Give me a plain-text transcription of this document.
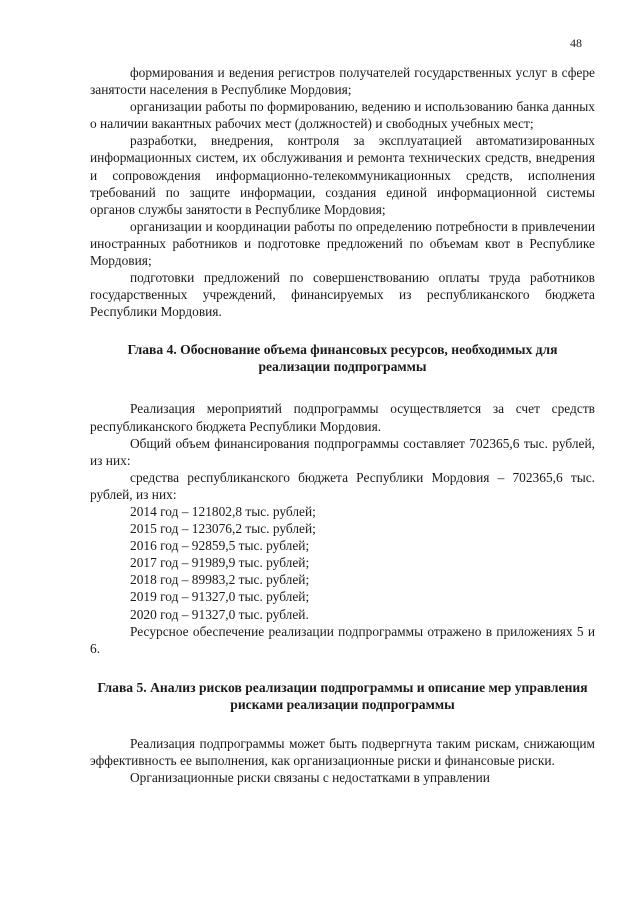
48

формирования и ведения регистров получателей государственных услуг в сфере занятости населения в Республике Мордовия;

организации работы по формированию, ведению и использованию банка данных о наличии вакантных рабочих мест (должностей) и свободных учебных мест;

разработки, внедрения, контроля за эксплуатацией автоматизированных информационных систем, их обслуживания и ремонта технических средств, внедрения и сопровождения информационно-телекоммуникационных средств, исполнения требований по защите информации, создания единой информационной системы органов службы занятости в Республике Мордовия;

организации и координации работы по определению потребности в привлечении иностранных работников и подготовке предложений по объемам квот в Республике Мордовия;

подготовки предложений по совершенствованию оплаты труда работников государственных учреждений, финансируемых из республиканского бюджета Республики Мордовия.

Глава 4. Обоснование объема финансовых ресурсов, необходимых для реализации подпрограммы

Реализация мероприятий подпрограммы осуществляется за счет средств республиканского бюджета Республики Мордовия.

Общий объем финансирования подпрограммы составляет 702365,6 тыс. рублей, из них:

средства республиканского бюджета Республики Мордовия – 702365,6 тыс. рублей, из них:

2014 год – 121802,8 тыс. рублей;

2015 год – 123076,2 тыс. рублей;

2016 год – 92859,5 тыс. рублей;

2017 год – 91989,9 тыс. рублей;

2018 год – 89983,2 тыс. рублей;

2019 год – 91327,0 тыс. рублей;

2020 год – 91327,0 тыс. рублей.

Ресурсное обеспечение реализации подпрограммы отражено в приложениях 5 и 6.

Глава 5. Анализ рисков реализации подпрограммы и описание мер управления рисками реализации подпрограммы

Реализация подпрограммы может быть подвергнута таким рискам, снижающим эффективность ее выполнения, как организационные риски и финансовые риски.

Организационные риски связаны с недостатками в управлении
